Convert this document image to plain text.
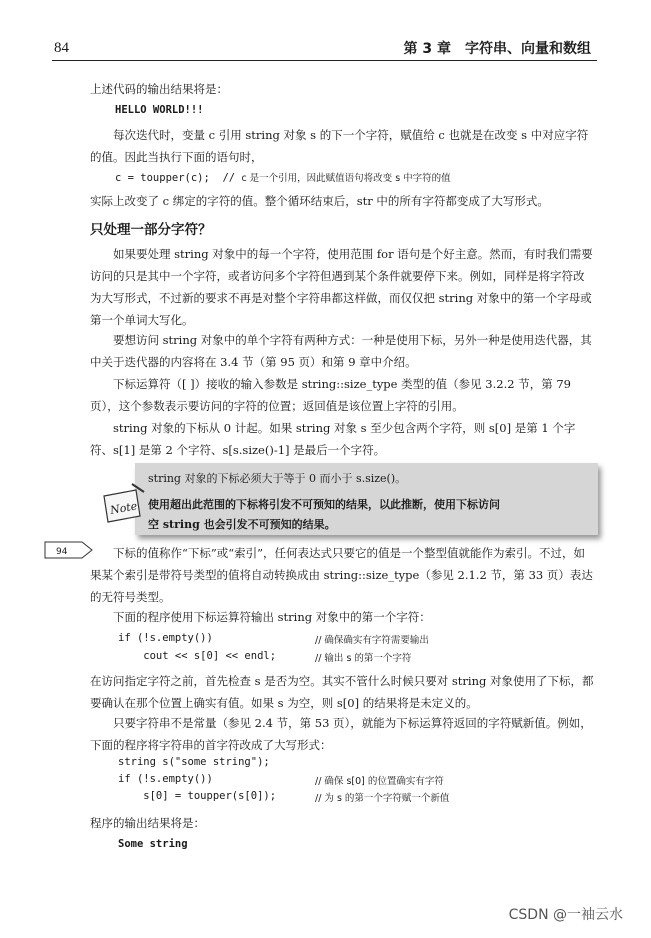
84	第 3 章　字符串、向量和数组

上述代码的输出结果将是：

HELLO WORLD!!!

每次迭代时，变量 c 引用 string 对象 s 的下一个字符，赋值给 c 也就是在改变 s 中对应字符的值。因此当执行下面的语句时，

c = toupper(c);  // c 是一个引用，因此赋值语句将改变 s 中字符的值

实际上改变了 c 绑定的字符的值。整个循环结束后，str 中的所有字符都变成了大写形式。

只处理一部分字符？

如果要处理 string 对象中的每一个字符，使用范围 for 语句是个好主意。然而，有时我们需要访问的只是其中一个字符，或者访问多个字符但遇到某个条件就要停下来。例如，同样是将字符改为大写形式，不过新的要求不再是对整个字符串都这样做，而仅仅把 string 对象中的第一个字母或第一个单词大写化。

要想访问 string 对象中的单个字符有两种方式：一种是使用下标，另外一种是使用迭代器，其中关于迭代器的内容将在 3.4 节（第 95 页）和第 9 章中介绍。

下标运算符（[ ]）接收的输入参数是 string::size_type 类型的值（参见 3.2.2 节，第 79 页），这个参数表示要访问的字符的位置；返回值是该位置上字符的引用。

string 对象的下标从 0 计起。如果 string 对象 s 至少包含两个字符，则 s[0] 是第 1 个字符、s[1] 是第 2 个字符、s[s.size()-1] 是最后一个字符。

Note
string 对象的下标必须大于等于 0 而小于 s.size()。
使用超出此范围的下标将引发不可预知的结果，以此推断，使用下标访问
空 string 也会引发不可预知的结果。
94	下标的值称作“下标”或“索引”，任何表达式只要它的值是一个整型值就能作为索引。不过，如果某个索引是带符号类型的值将自动转换成由 string::size_type（参见 2.1.2 节，第 33 页）表达的无符号类型。

下面的程序使用下标运算符输出 string 对象中的第一个字符：

if (!s.empty())	// 确保确实有字符需要输出
cout << s[0] << endl;	// 输出 s 的第一个字符

在访问指定字符之前，首先检查 s 是否为空。其实不管什么时候只要对 string 对象使用了下标，都要确认在那个位置上确实有值。如果 s 为空，则 s[0] 的结果将是未定义的。

只要字符串不是常量（参见 2.4 节，第 53 页），就能为下标运算符返回的字符赋新值。例如，下面的程序将字符串的首字符改成了大写形式：

string s("some string");
if (!s.empty())	// 确保 s[0] 的位置确实有字符
s[0] = toupper(s[0]);	// 为 s 的第一个字符赋一个新值

程序的输出结果将是：

Some string
CSDN @一袖云水
